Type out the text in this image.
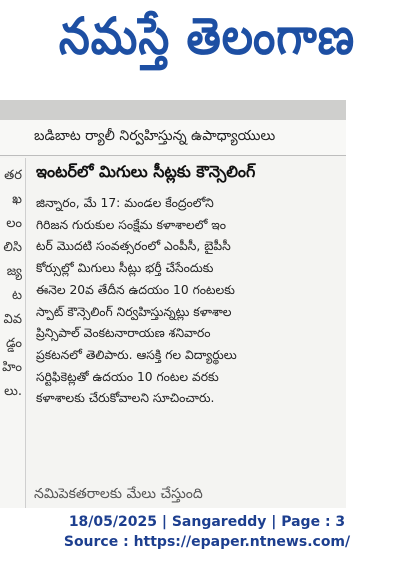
నమస్తే తెలంగాణ
బడిబాట ర్యాలీ నిర్వహిస్తున్న ఉపాధ్యాయులు
తర
ఖ
లం
లిసి
జ్య
ట
వివ
డ్డం
హిం
లు.
ఇంటర్‌లో మిగులు సీట్లకు కౌన్సెలింగ్
జిన్నారం, మే 17: మండల కేంద్రంలోని
గిరిజన గురుకుల సంక్షేమ కళాశాలలో ఇం
టర్ మొదటి సంవత్సరంలో ఎంపీసీ, బైపీసీ
కోర్సుల్లో మిగులు సీట్లు భర్తీ చేసేందుకు
ఈనెల 20వ తేదీన ఉదయం 10 గంటలకు
స్పాట్ కౌన్సెలింగ్ నిర్వహిస్తున్నట్లు కళాశాల
ప్రిన్సిపాల్ వెంకటనారాయణ శనివారం
ప్రకటనలో తెలిపారు. ఆసక్తి గల విద్యార్థులు
సర్టిఫికెట్లతో ఉదయం 10 గంటల వరకు
కళాశాలకు చేరుకోవాలని సూచించారు.
నమిపెకతరాలకు మేలు చేస్తుంది
18/05/2025 | Sangareddy | Page : 3
Source : https://epaper.ntnews.com/
